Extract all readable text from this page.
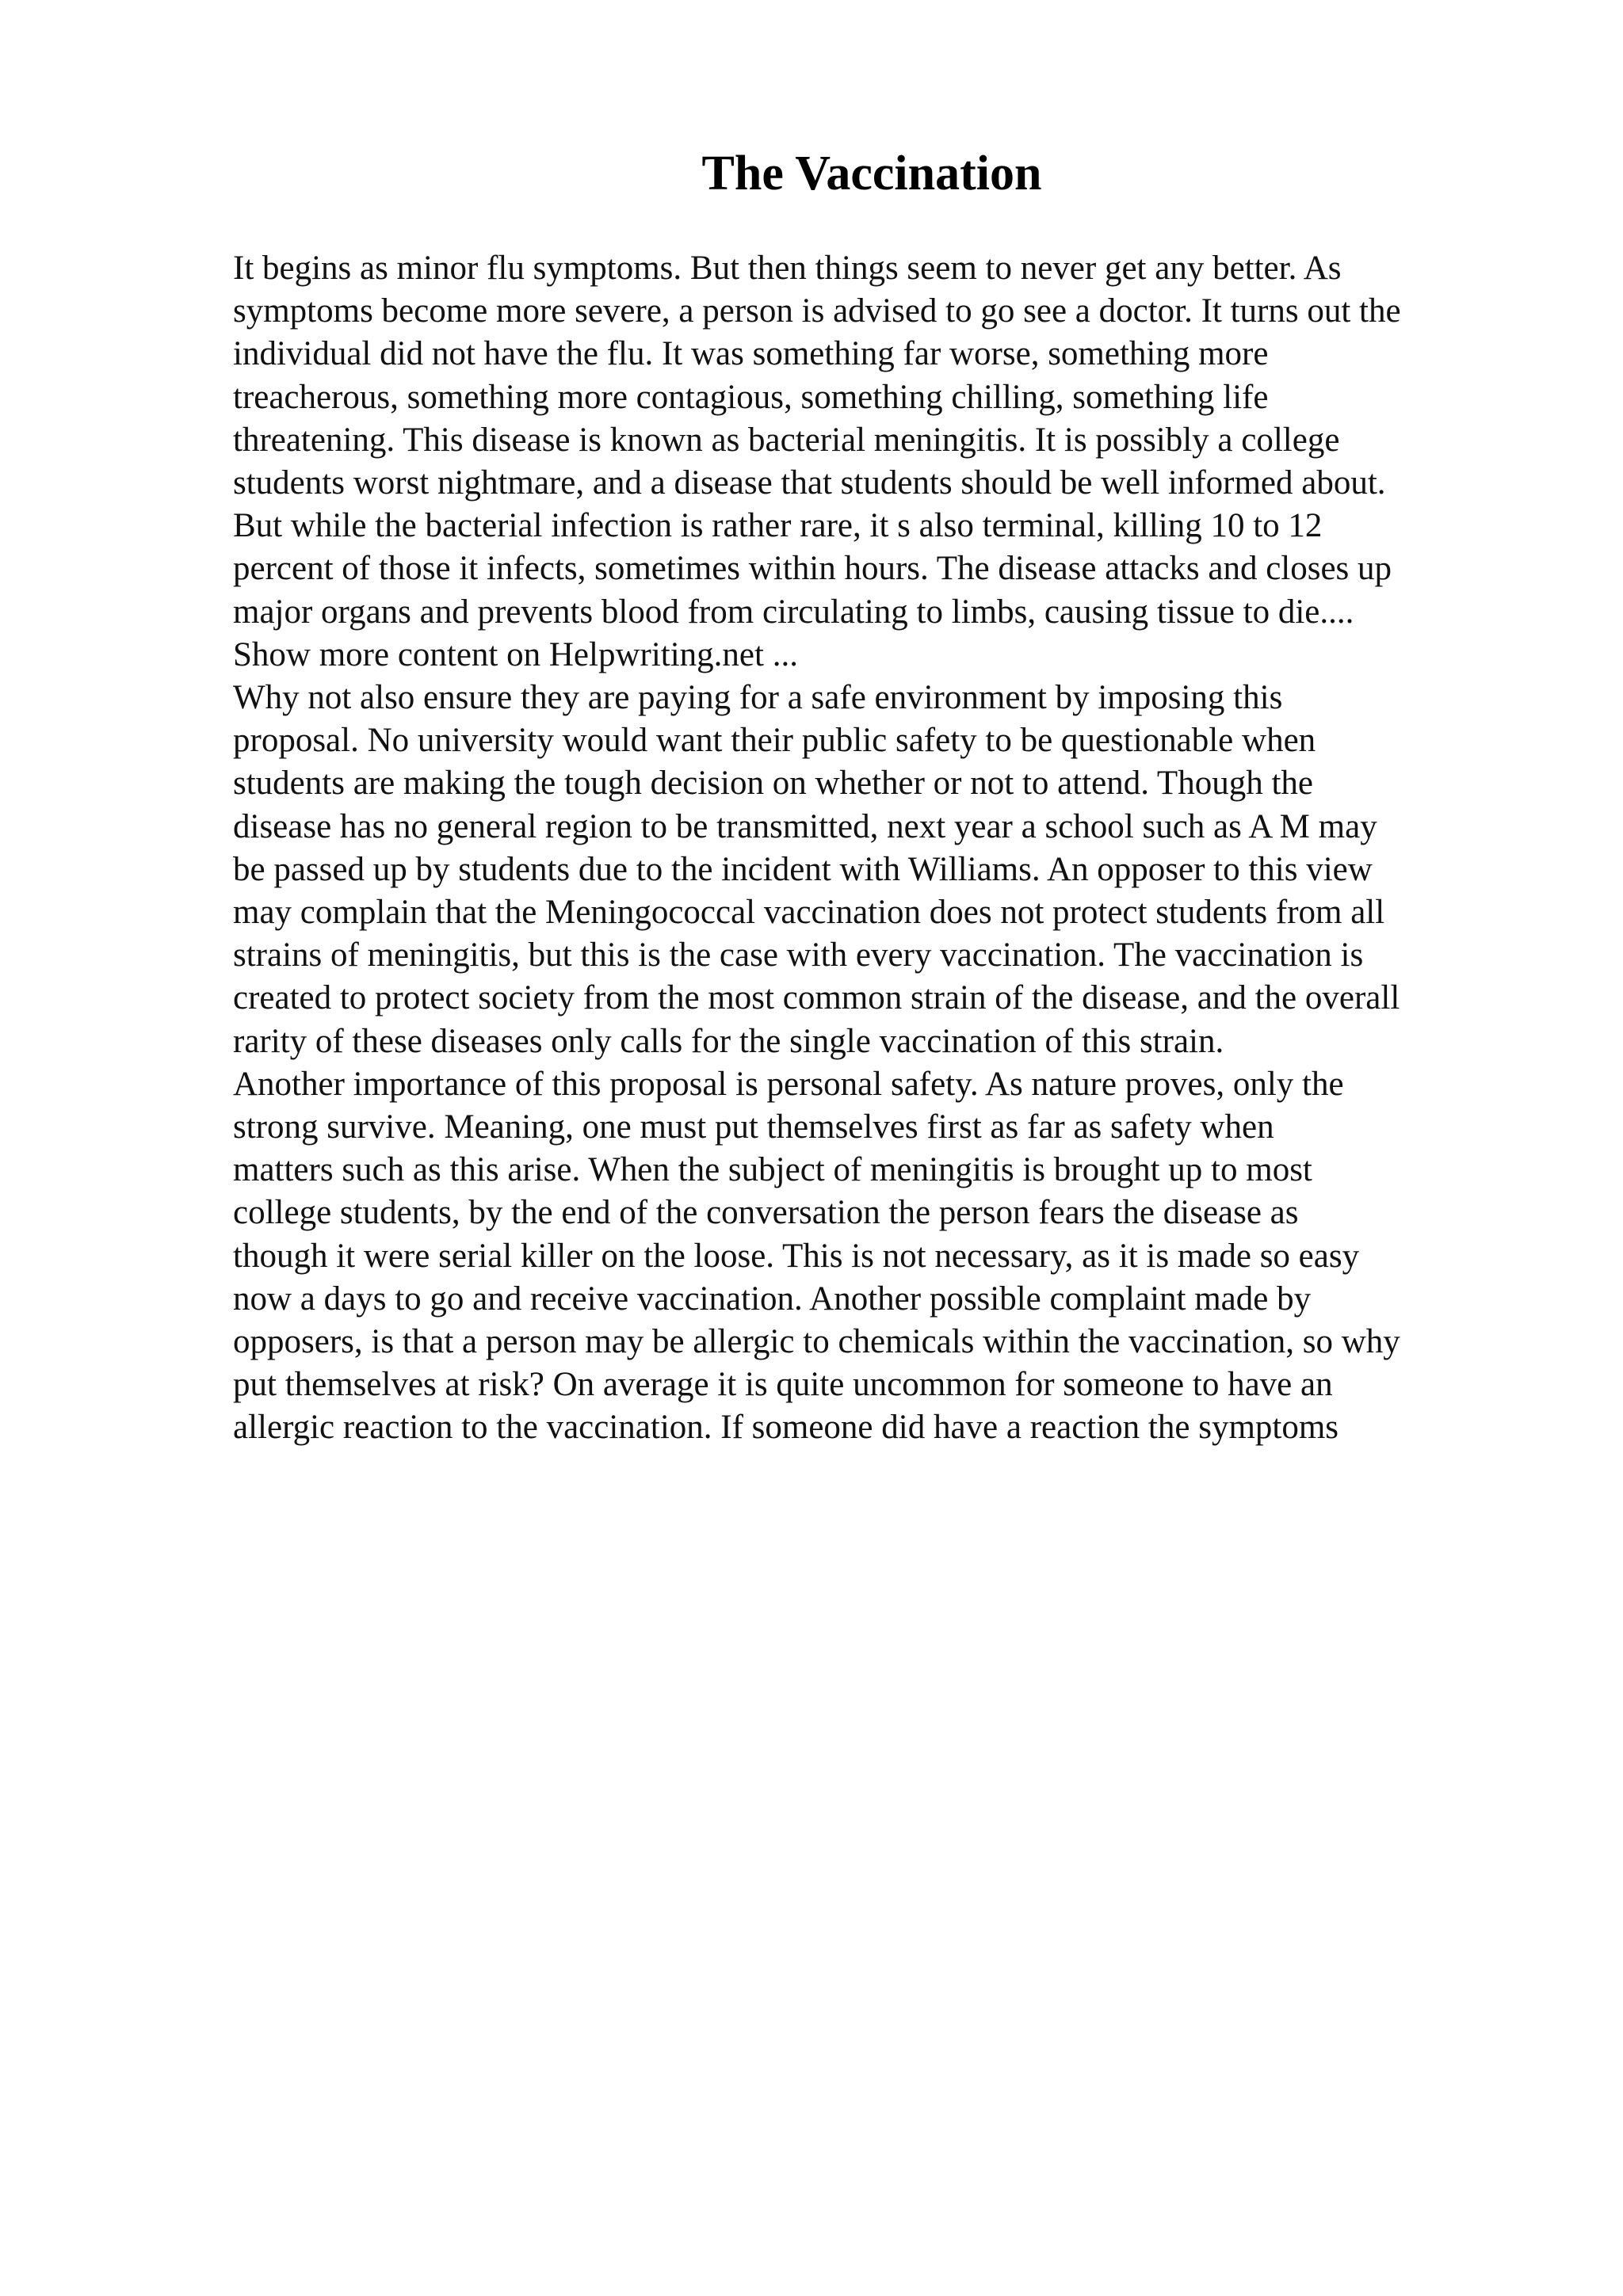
The Vaccination
It begins as minor flu symptoms. But then things seem to never get any better. As
symptoms become more severe, a person is advised to go see a doctor. It turns out the
individual did not have the flu. It was something far worse, something more
treacherous, something more contagious, something chilling, something life
threatening. This disease is known as bacterial meningitis. It is possibly a college
students worst nightmare, and a disease that students should be well informed about.
But while the bacterial infection is rather rare, it s also terminal, killing 10 to 12
percent of those it infects, sometimes within hours. The disease attacks and closes up
major organs and prevents blood from circulating to limbs, causing tissue to die....
Show more content on Helpwriting.net ...
Why not also ensure they are paying for a safe environment by imposing this
proposal. No university would want their public safety to be questionable when
students are making the tough decision on whether or not to attend. Though the
disease has no general region to be transmitted, next year a school such as A M may
be passed up by students due to the incident with Williams. An opposer to this view
may complain that the Meningococcal vaccination does not protect students from all
strains of meningitis, but this is the case with every vaccination. The vaccination is
created to protect society from the most common strain of the disease, and the overall
rarity of these diseases only calls for the single vaccination of this strain.
Another importance of this proposal is personal safety. As nature proves, only the
strong survive. Meaning, one must put themselves first as far as safety when
matters such as this arise. When the subject of meningitis is brought up to most
college students, by the end of the conversation the person fears the disease as
though it were serial killer on the loose. This is not necessary, as it is made so easy
now a days to go and receive vaccination. Another possible complaint made by
opposers, is that a person may be allergic to chemicals within the vaccination, so why
put themselves at risk? On average it is quite uncommon for someone to have an
allergic reaction to the vaccination. If someone did have a reaction the symptoms
